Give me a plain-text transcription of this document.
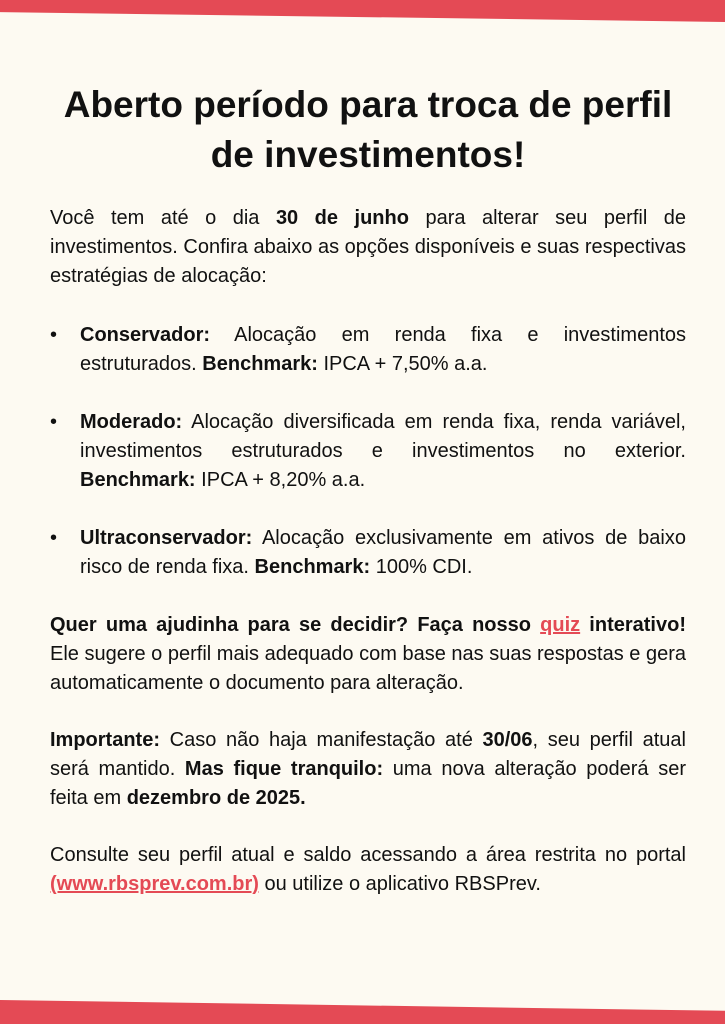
Aberto período para troca de perfil de investimentos!

Você tem até o dia 30 de junho para alterar seu perfil de investimentos. Confira abaixo as opções disponíveis e suas respectivas estratégias de alocação:

•	Conservador: Alocação em renda fixa e investimentos estruturados. Benchmark: IPCA + 7,50% a.a.
•	Moderado: Alocação diversificada em renda fixa, renda variável, investimentos estruturados e investimentos no exterior. Benchmark: IPCA + 8,20% a.a.
•	Ultraconservador: Alocação exclusivamente em ativos de baixo risco de renda fixa. Benchmark: 100% CDI.

Quer uma ajudinha para se decidir? Faça nosso quiz interativo! Ele sugere o perfil mais adequado com base nas suas respostas e gera automaticamente o documento para alteração.

Importante: Caso não haja manifestação até 30/06, seu perfil atual será mantido. Mas fique tranquilo: uma nova alteração poderá ser feita em dezembro de 2025.

Consulte seu perfil atual e saldo acessando a área restrita no portal (www.rbsprev.com.br) ou utilize o aplicativo RBSPrev.
